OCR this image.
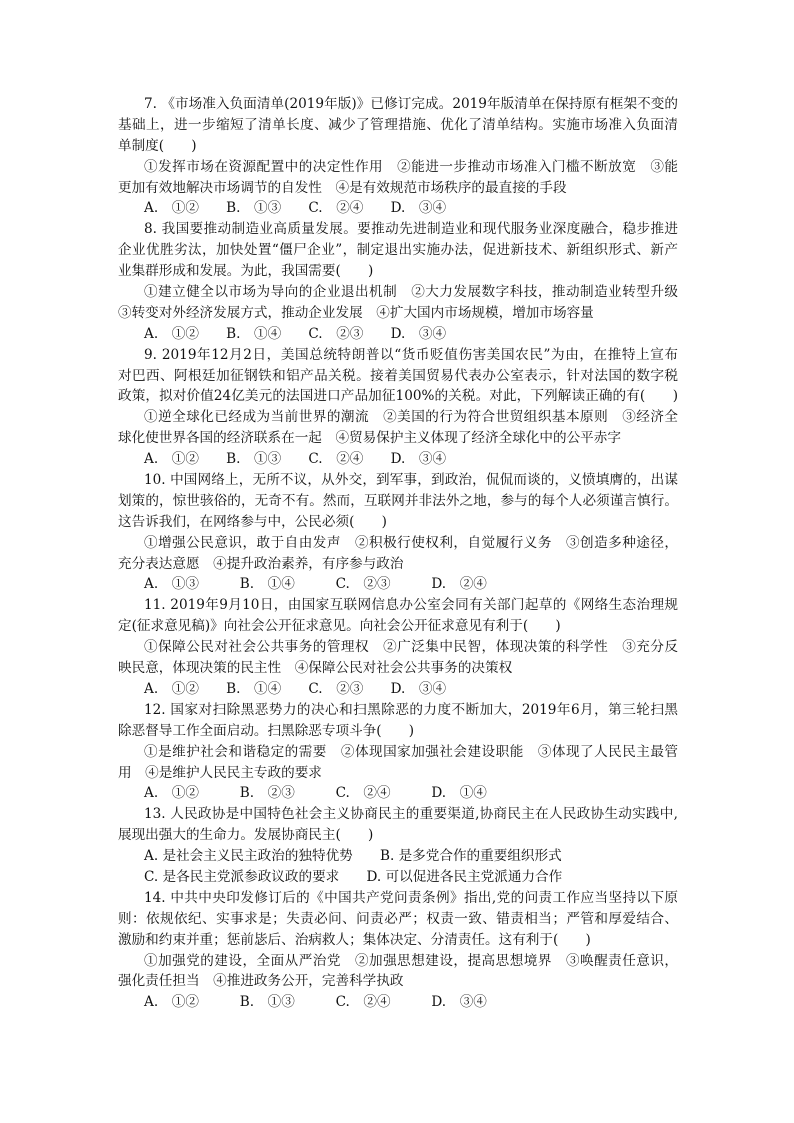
7. 《市场准入负面清单(2019年版)》已修订完成。2019年版清单在保持原有框架不变的
基础上，进一步缩短了清单长度、减少了管理措施、优化了清单结构。实施市场准入负面清
单制度(　　)
①发挥市场在资源配置中的决定性作用　②能进一步推动市场准入门槛不断放宽　③能
更加有效地解决市场调节的自发性　④是有效规范市场秩序的最直接的手段
A.　①②　　B.　①③　　C.　②④　　D.　③④
8. 我国要推动制造业高质量发展。要推动先进制造业和现代服务业深度融合，稳步推进
企业优胜劣汰，加快处置“僵尸企业”，制定退出实施办法，促进新技术、新组织形式、新产
业集群形成和发展。为此，我国需要(　　)
①建立健全以市场为导向的企业退出机制　②大力发展数字科技，推动制造业转型升级
③转变对外经济发展方式，推动企业发展　④扩大国内市场规模，增加市场容量
A.　①②　　B.　①④　　C.　②③　　D.　③④
9. 2019年12月2日，美国总统特朗普以“货币贬值伤害美国农民”为由，在推特上宣布
对巴西、阿根廷加征钢铁和铝产品关税。接着美国贸易代表办公室表示，针对法国的数字税
政策，拟对价值24亿美元的法国进口产品加征100%的关税。对此，下列解读正确的有(　　)
①逆全球化已经成为当前世界的潮流　②美国的行为符合世贸组织基本原则　③经济全
球化使世界各国的经济联系在一起　④贸易保护主义体现了经济全球化中的公平赤字
A.　①②　　B.　①③　　C.　②④　　D.　③④
10. 中国网络上，无所不议，从外交，到军事，到政治，侃侃而谈的，义愤填膺的，出谋
划策的，惊世骇俗的，无奇不有。然而，互联网并非法外之地，参与的每个人必须谨言慎行。
这告诉我们，在网络参与中，公民必须(　　)
①增强公民意识，敢于自由发声　②积极行使权利，自觉履行义务　③创造多种途径，
充分表达意愿　④提升政治素养，有序参与政治
A.　①③　　　B.　①④　　　C.　②③　　　D.　②④
11. 2019年9月10日，由国家互联网信息办公室会同有关部门起草的《网络生态治理规
定(征求意见稿)》向社会公开征求意见。向社会公开征求意见有利于(　　)
①保障公民对社会公共事务的管理权　②广泛集中民智，体现决策的科学性　③充分反
映民意，体现决策的民主性　④保障公民对社会公共事务的决策权
A.　①②　　B.　①④　　C.　②③　　D.　③④
12. 国家对扫除黑恶势力的决心和扫黑除恶的力度不断加大，2019年6月，第三轮扫黑
除恶督导工作全面启动。扫黑除恶专项斗争(　　)
①是维护社会和谐稳定的需要　②体现国家加强社会建设职能　③体现了人民民主最管
用　④是维护人民民主专政的要求
A.　①②　　　B.　②③　　　C.　②④　　　D.　①④
13. 人民政协是中国特色社会主义协商民主的重要渠道,协商民主在人民政协生动实践中,
展现出强大的生命力。发展协商民主(　　)
A. 是社会主义民主政治的独特优势　　B. 是多党合作的重要组织形式
C. 是各民主党派参政议政的要求　　D. 可以促进各民主党派通力合作
14. 中共中央印发修订后的《中国共产党问责条例》指出,党的问责工作应当坚持以下原
则：依规依纪、实事求是；失责必问、问责必严；权责一致、错责相当；严管和厚爱结合、
激励和约束并重；惩前毖后、治病救人；集体决定、分清责任。这有利于(　　)
①加强党的建设，全面从严治党　②加强思想建设，提高思想境界　③唤醒责任意识，
强化责任担当　④推进政务公开，完善科学执政
A.　①②　　　B.　①③　　　C.　②④　　　D.　③④
